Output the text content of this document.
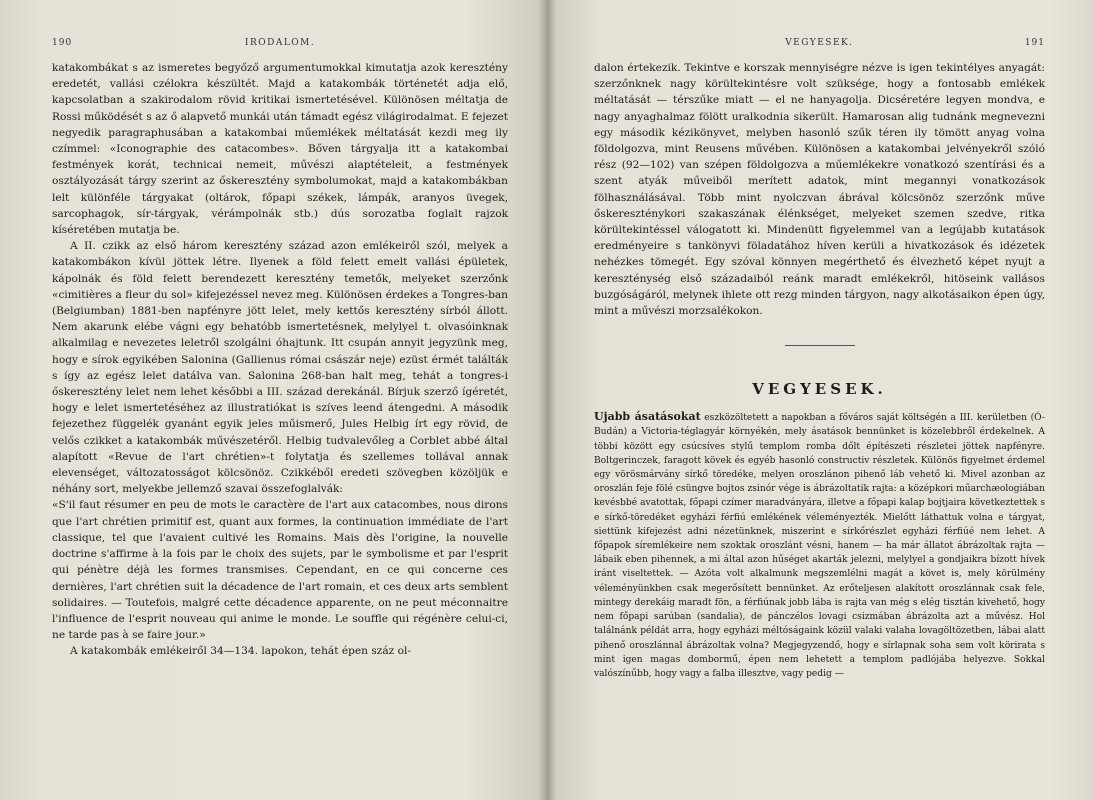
190	IRODALOM.

katakombákat s az ismeretes begyőző argumentumokkal kimutatja azok keresztény eredetét, vallási czélokra készültét. Majd a katakombák történetét adja elő, kapcsolatban a szakirodalom rövid kritikai ismertetésével. Különösen méltatja de Rossi működését s az ő alapvető munkái után támadt egész világirodalmat. E fejezet negyedik paragraphusában a katakombai műemlékek méltatását kezdi meg ily czímmel: «Iconographie des catacombes». Bőven tárgyalja itt a katakombai festmények korát, technicai nemeit, művészi alaptételeit, a festmények osztályozását tárgy szerint az őskeresztény symbolumokat, majd a katakombákban lelt különféle tárgyakat (oltárok, főpapi székek, lámpák, aranyos üvegek, sarcophagok, sír-tárgyak, vérámpolnák stb.) dús sorozatba foglalt rajzok kíséretében mutatja be.

A II. czikk az első három keresztény század azon emlékeiről szól, melyek a katakombákon kívül jöttek létre. Ilyenek a föld felett emelt vallási épületek, kápolnák és föld felett berendezett keresztény temetők, melyeket szerzőnk «cimitières a fleur du sol» kifejezéssel nevez meg. Különösen érdekes a Tongres-ban (Belgiumban) 1881-ben napfényre jött lelet, mely kettős keresztény sírból állott. Nem akarunk elébe vágni egy behatóbb ismertetésnek, melylyel t. olvasóinknak alkalmilag e nevezetes leletről szolgálni óhajtunk. Itt csupán annyit jegyzünk meg, hogy e sírok egyikében Salonina (Gallienus római császár neje) ezüst érmét találták s így az egész lelet datálva van. Salonina 268-ban halt meg, tehát a tongres-i őskeresztény lelet nem lehet későbbi a III. század derekánál. Bírjuk szerző ígéretét, hogy e lelet ismertetéséhez az illustratiókat is szíves leend átengedni. A második fejezethez függelék gyanánt egyik jeles műismerő, Jules Helbig írt egy rövid, de velős czikket a katakombák művészetéről. Helbig tudvalevőleg a Corblet abbé által alapított «Revue de l'art chrétien»-t folytatja és szellemes tollával annak elevenséget, változatosságot kölcsönöz. Czikkéből eredeti szövegben közöljük e néhány sort, melyekbe jellemző szavai összefoglalvák:

«S'il faut résumer en peu de mots le caractère de l'art aux catacombes, nous dirons que l'art chrétien primitif est, quant aux formes, la continuation immédiate de l'art classique, tel que l'avaient cultivé les Romains. Mais dès l'origine, la nouvelle doctrine s'affirme à la fois par le choix des sujets, par le symbolisme et par l'esprit qui pénètre déjà les formes transmises. Cependant, en ce qui concerne ces dernières, l'art chrétien suit la décadence de l'art romain, et ces deux arts semblent solidaires. — Toutefois, malgré cette décadence apparente, on ne peut méconnaitre l'influence de l'esprit nouveau qui anime le monde. Le souffle qui régénère celui-ci, ne tarde pas à se faire jour.»

A katakombák emlékeiről 34—134. lapokon, tehát épen száz ol-

VEGYESEK.	191

dalon értekezik. Tekintve e korszak mennyiségre nézve is igen tekintélyes anyagát: szerzőnknek nagy körültekintésre volt szüksége, hogy a fontosabb emlékek méltatását — térszűke miatt — el ne hanyagolja. Dicséretére legyen mondva, e nagy anyaghalmaz fölött uralkodnia sikerült. Hamarosan alig tudnánk megnevezni egy második kézikönyvet, melyben hasonló szűk téren ily tömött anyag volna földolgozva, mint Reusens művében. Különösen a katakombai jelvényekről szóló rész (92—102) van szépen földolgozva a műemlékekre vonatkozó szentírási és a szent atyák műveiből merített adatok, mint megannyi vonatkozások fölhasználásával. Több mint nyolczvan ábrával kölcsönöz szerzőnk műve őskereszténykori szakaszának élénkséget, melyeket szemen szedve, ritka körültekintéssel válogatott ki. Mindenütt figyelemmel van a legújabb kutatások eredményeire s tankönyvi föladatához híven kerüli a hivatkozások és idézetek nehézkes tömegét. Egy szóval könnyen megérthető és élvezhető képet nyujt a kereszténység első századaiból reánk maradt emlékekről, hitöseink vallásos buzgóságáról, melynek ihlete ott rezg minden tárgyon, nagy alkotásaikon épen úgy, mint a művészi morzsalékokon.

VEGYESEK.

Ujabb ásatásokat eszközöltetett a napokban a főváros saját költségén a III. kerületben (Ó-Budán) a Victoria-téglagyár környékén, mely ásatások bennünket is közelebbről érdekelnek. A többi között egy csúcsíves stylű templom romba dőlt építészeti részletei jöttek napfényre. Boltgerinczek, faragott kövek és egyéb hasonló constructiv részletek. Különös figyelmet érdemel egy vörösmárvány sírkő töredéke, melyen oroszlánon pihenő láb vehető ki. Mivel azonban az oroszlán feje fölé csüngve bojtos zsinór vége is ábrázoltatik rajta: a középkori műarchæologiában kevésbbé avatottak, főpapi czímer maradványára, illetve a főpapi kalap bojtjaira következtettek s e sírkő-töredéket egyházi férfiú emlékének véleményezték. Mielőtt láthattuk volna e tárgyat, siettünk kifejezést adni nézetünknek, miszerint e sírkőrészlet egyházi férfiúé nem lehet. A főpapok síremlékeire nem szoktak oroszlánt vésni, hanem — ha már állatot ábrázoltak rajta — lábaik eben pihennek, a mi által azon hűséget akarták jelezni, melylyel a gondjaikra bízott hívek iránt viseltettek. — Azóta volt alkalmunk megszemlélni magát a követ is, mely körülmény véleményünkben csak megerősített bennünket. Az erőteljesen alakított oroszlánnak csak fele, mintegy derekáig maradt fön, a férfiúnak jobb lába is rajta van még s elég tisztán kivehető, hogy nem főpapi sarúban (sandalia), de pánczélos lovagi csizmában ábrázolta azt a művész. Hol találnánk példát arra, hogy egyházi méltóságaink közül valaki valaha lovagöltözetben, lábai alatt pihenő oroszlánnal ábrázoltak volna? Megjegyzendő, hogy e sírlapnak soha sem volt körirata s mint igen magas dombormű, épen nem lehetett a templom padlójába helyezve. Sokkal valószínűbb, hogy vagy a falba illesztve, vagy pedig —
